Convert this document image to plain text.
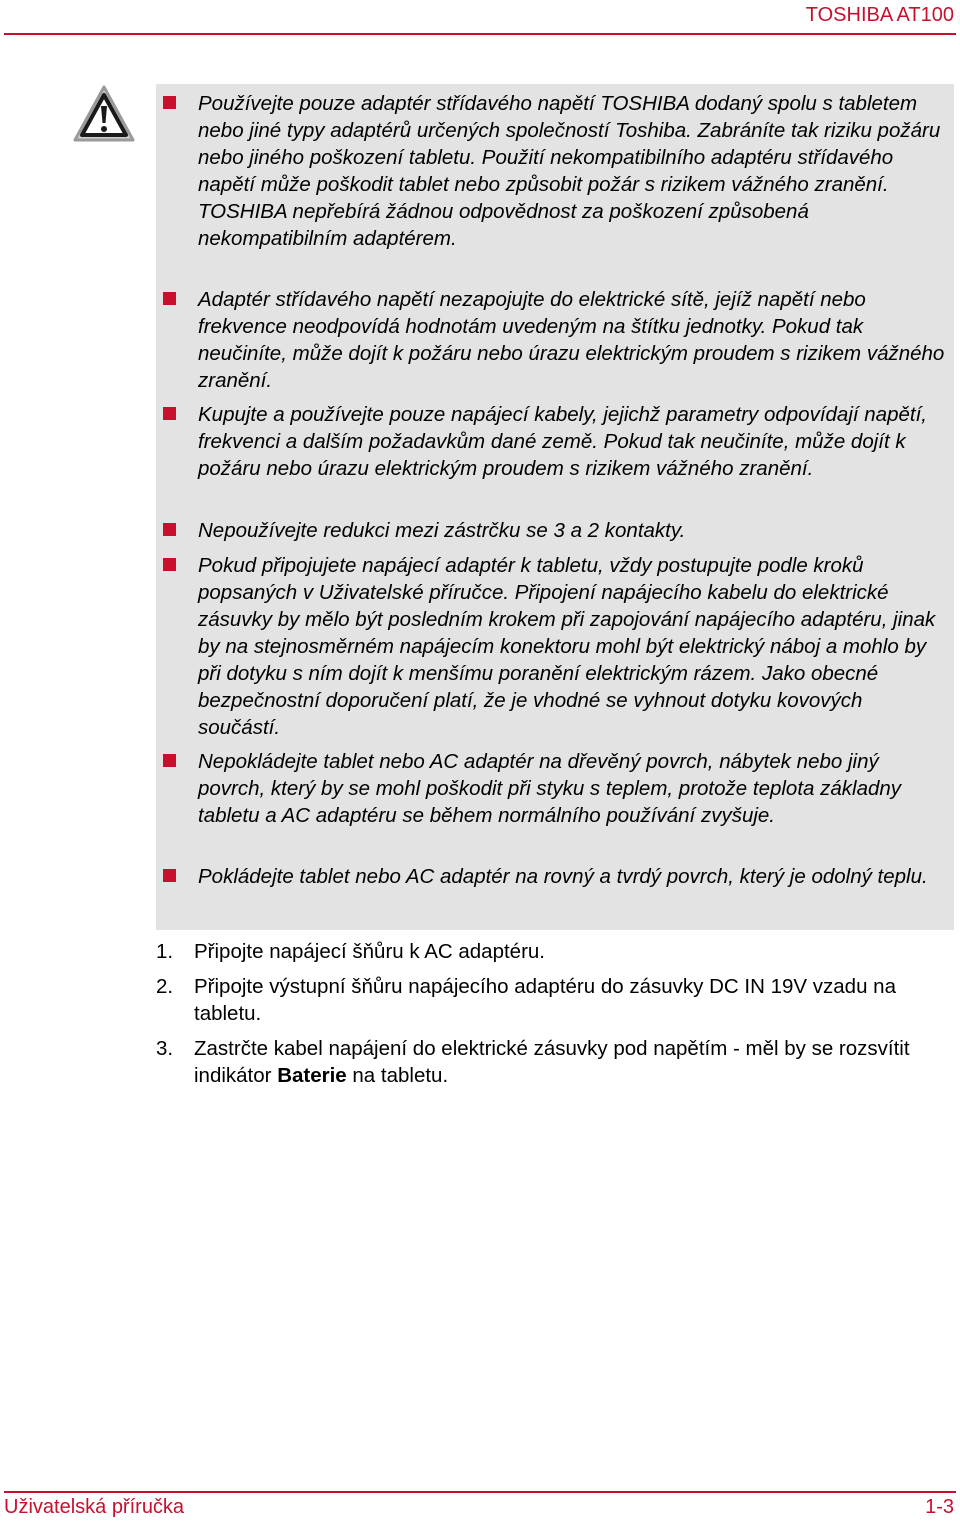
TOSHIBA AT100
Používejte pouze adaptér střídavého napětí TOSHIBA dodaný spolu s tabletem nebo jiné typy adaptérů určených společností Toshiba. Zabráníte tak riziku požáru nebo jiného poškození tabletu. Použití nekompatibilního adaptéru střídavého napětí může poškodit tablet nebo způsobit požár s rizikem vážného zranění. TOSHIBA nepřebírá žádnou odpovědnost za poškození způsobená nekompatibilním adaptérem.
Adaptér střídavého napětí nezapojujte do elektrické sítě, jejíž napětí nebo frekvence neodpovídá hodnotám uvedeným na štítku jednotky. Pokud tak neučiníte, může dojít k požáru nebo úrazu elektrickým proudem s rizikem vážného zranění.
Kupujte a používejte pouze napájecí kabely, jejichž parametry odpovídají napětí, frekvenci a dalším požadavkům dané země. Pokud tak neučiníte, může dojít k požáru nebo úrazu elektrickým proudem s rizikem vážného zranění.
Nepoužívejte redukci mezi zástrčku se 3 a 2 kontakty.
Pokud připojujete napájecí adaptér k tabletu, vždy postupujte podle kroků popsaných v Uživatelské příručce. Připojení napájecího kabelu do elektrické zásuvky by mělo být posledním krokem při zapojování napájecího adaptéru, jinak by na stejnosměrném napájecím konektoru mohl být elektrický náboj a mohlo by při dotyku s ním dojít k menšímu poranění elektrickým rázem. Jako obecné bezpečnostní doporučení platí, že je vhodné se vyhnout dotyku kovových součástí.
Nepokládejte tablet nebo AC adaptér na dřevěný povrch, nábytek nebo jiný povrch, který by se mohl poškodit při styku s teplem, protože teplota základny tabletu a AC adaptéru se během normálního používání zvyšuje.
Pokládejte tablet nebo AC adaptér na rovný a tvrdý povrch, který je odolný teplu.
1. Připojte napájecí šňůru k AC adaptéru.
2. Připojte výstupní šňůru napájecího adaptéru do zásuvky DC IN 19V vzadu na tabletu.
3. Zastrčte kabel napájení do elektrické zásuvky pod napětím - měl by se rozsvítit indikátor Baterie na tabletu.
Uživatelská příručka	1-3
